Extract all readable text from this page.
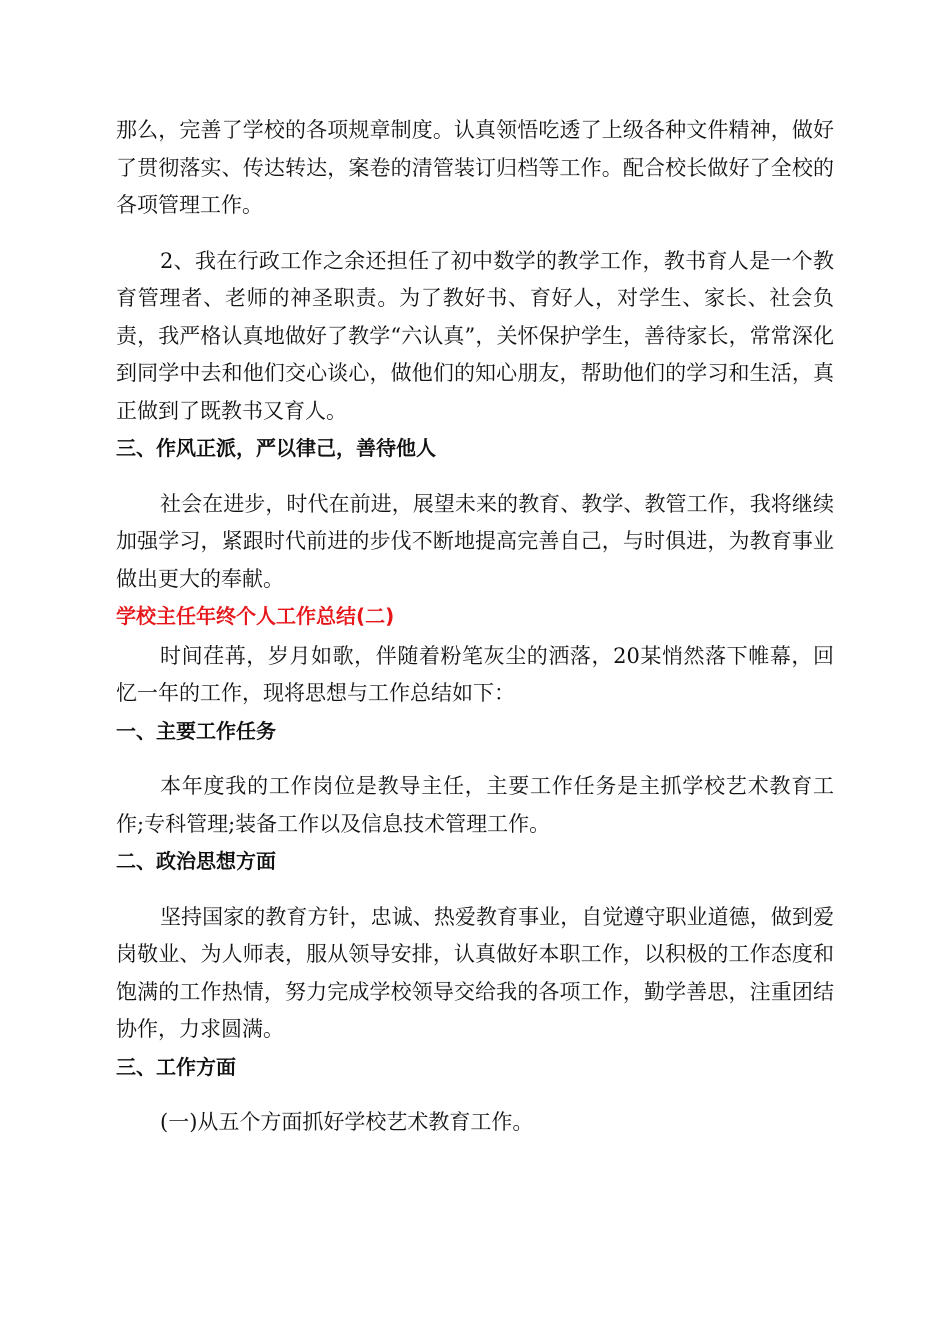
那么，完善了学校的各项规章制度。认真领悟吃透了上级各种文件精神，做好了贯彻落实、传达转达，案卷的清管装订归档等工作。配合校长做好了全校的各项管理工作。

2、我在行政工作之余还担任了初中数学的教学工作，教书育人是一个教育管理者、老师的神圣职责。为了教好书、育好人，对学生、家长、社会负责，我严格认真地做好了教学“六认真”，关怀保护学生，善待家长，常常深化到同学中去和他们交心谈心，做他们的知心朋友，帮助他们的学习和生活，真正做到了既教书又育人。

三、作风正派，严以律己，善待他人

社会在进步，时代在前进，展望未来的教育、教学、教管工作，我将继续加强学习，紧跟时代前进的步伐不断地提高完善自己，与时俱进，为教育事业做出更大的奉献。

学校主任年终个人工作总结(二)

时间荏苒，岁月如歌，伴随着粉笔灰尘的洒落，20某悄然落下帷幕，回忆一年的工作，现将思想与工作总结如下：

一、主要工作任务

本年度我的工作岗位是教导主任，主要工作任务是主抓学校艺术教育工作;专科管理;装备工作以及信息技术管理工作。

二、政治思想方面

坚持国家的教育方针，忠诚、热爱教育事业，自觉遵守职业道德，做到爱岗敬业、为人师表，服从领导安排，认真做好本职工作，以积极的工作态度和饱满的工作热情，努力完成学校领导交给我的各项工作，勤学善思，注重团结协作，力求圆满。

三、工作方面

(一)从五个方面抓好学校艺术教育工作。
